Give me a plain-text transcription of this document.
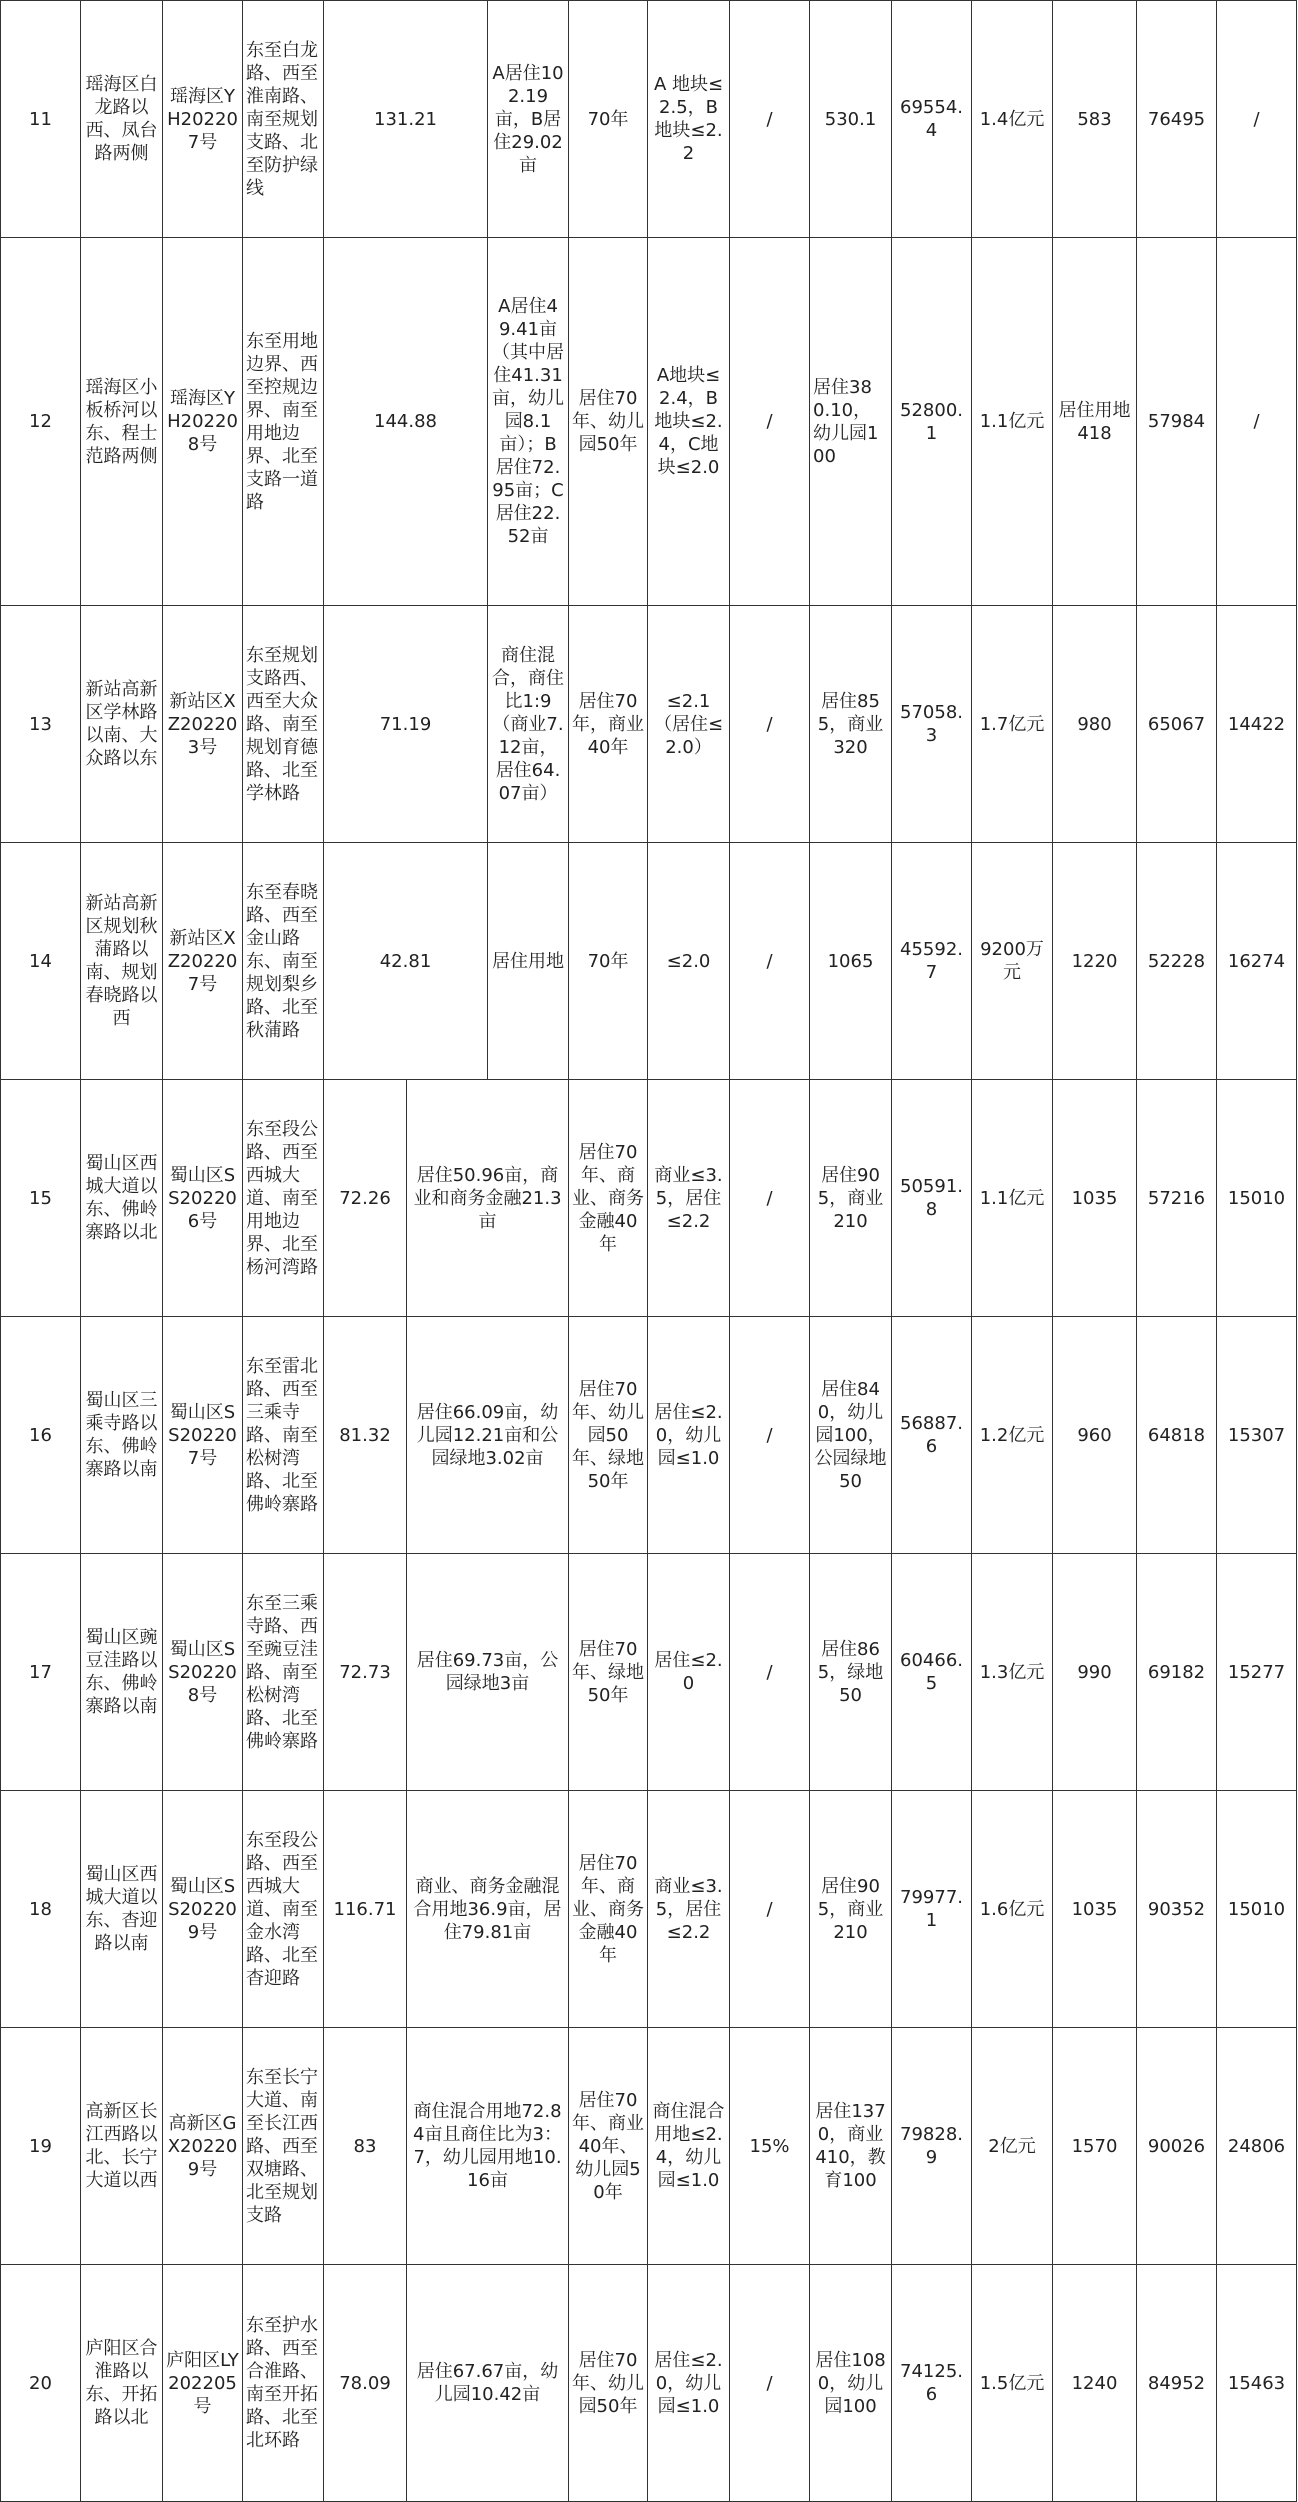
11	瑶海区白龙路以西、凤台路两侧	瑶海区YH202207号	东至白龙路、西至淮南路、南至规划支路、北至防护绿线	131.21		A居住102.19亩，B居住29.02亩	70年	A 地块≤2.5，B地块≤2.2	/	530.1	69554.4	1.4亿元	583	76495	/
12	瑶海区小板桥河以东、程士范路两侧	瑶海区YH202208号	东至用地边界、西至控规边界、南至用地边界、北至支路一道路	144.88		A居住49.41亩（其中居住41.31亩，幼儿园8.1亩）；B居住72.95亩；C居住22.52亩	居住70年、幼儿园50年	A地块≤2.4，B地块≤2.4，C地块≤2.0	/	居住380.10，幼儿园100	52800.1	1.1亿元	居住用地418	57984	/
13	新站高新区学林路以南、大众路以东	新站区XZ202203号	东至规划支路西、西至大众路、南至规划育德路、北至学林路	71.19		商住混合，商住比1:9（商业7.12亩，居住64.07亩）	居住70年，商业40年	≤2.1（居住≤2.0）	/	居住855，商业320	57058.3	1.7亿元	980	65067	14422
14	新站高新区规划秋蒲路以南、规划春晓路以西	新站区XZ202207号	东至春晓路、西至金山路东、南至规划梨乡路、北至秋蒲路	42.81		居住用地	70年	≤2.0	/	1065	45592.7	9200万元	1220	52228	16274
15	蜀山区西城大道以东、佛岭寨路以北	蜀山区SS202206号	东至段公路、西至西城大道、南至用地边界、北至杨河湾路	72.26	居住50.96亩，商业和商务金融21.3亩		居住70年、商业、商务金融40年	商业≤3.5，居住≤2.2	/	居住905，商业210	50591.8	1.1亿元	1035	57216	15010
16	蜀山区三乘寺路以东、佛岭寨路以南	蜀山区SS202207号	东至雷北路、西至三乘寺路、南至松树湾路、北至佛岭寨路	81.32	居住66.09亩，幼儿园12.21亩和公园绿地3.02亩		居住70年、幼儿园50年、绿地50年	居住≤2.0，幼儿园≤1.0	/	居住840，幼儿园100，公园绿地50	56887.6	1.2亿元	960	64818	15307
17	蜀山区豌豆洼路以东、佛岭寨路以南	蜀山区SS202208号	东至三乘寺路、西至豌豆洼路、南至松树湾路、北至佛岭寨路	72.73	居住69.73亩，公园绿地3亩		居住70年、绿地50年	居住≤2.0	/	居住865，绿地50	60466.5	1.3亿元	990	69182	15277
18	蜀山区西城大道以东、杳迎路以南	蜀山区SS202209号	东至段公路、西至西城大道、南至金水湾路、北至杳迎路	116.71	商业、商务金融混合用地36.9亩，居住79.81亩		居住70年、商业、商务金融40年	商业≤3.5，居住≤2.2	/	居住905，商业210	79977.1	1.6亿元	1035	90352	15010
19	高新区长江西路以北、长宁大道以西	高新区GX202209号	东至长宁大道、南至长江西路、西至双塘路、北至规划支路	83	商住混合用地72.84亩且商住比为3：7，幼儿园用地10.16亩		居住70年、商业40年、幼儿园50年	商住混合用地≤2.4，幼儿园≤1.0	15%	居住1370，商业410，教育100	79828.9	2亿元	1570	90026	24806
20	庐阳区合淮路以东、开拓路以北	庐阳区LY202205号	东至护水路、西至合淮路、南至开拓路、北至北环路	78.09	居住67.67亩，幼儿园10.42亩		居住70年、幼儿园50年	居住≤2.0，幼儿园≤1.0	/	居住1080，幼儿园100	74125.6	1.5亿元	1240	84952	15463
